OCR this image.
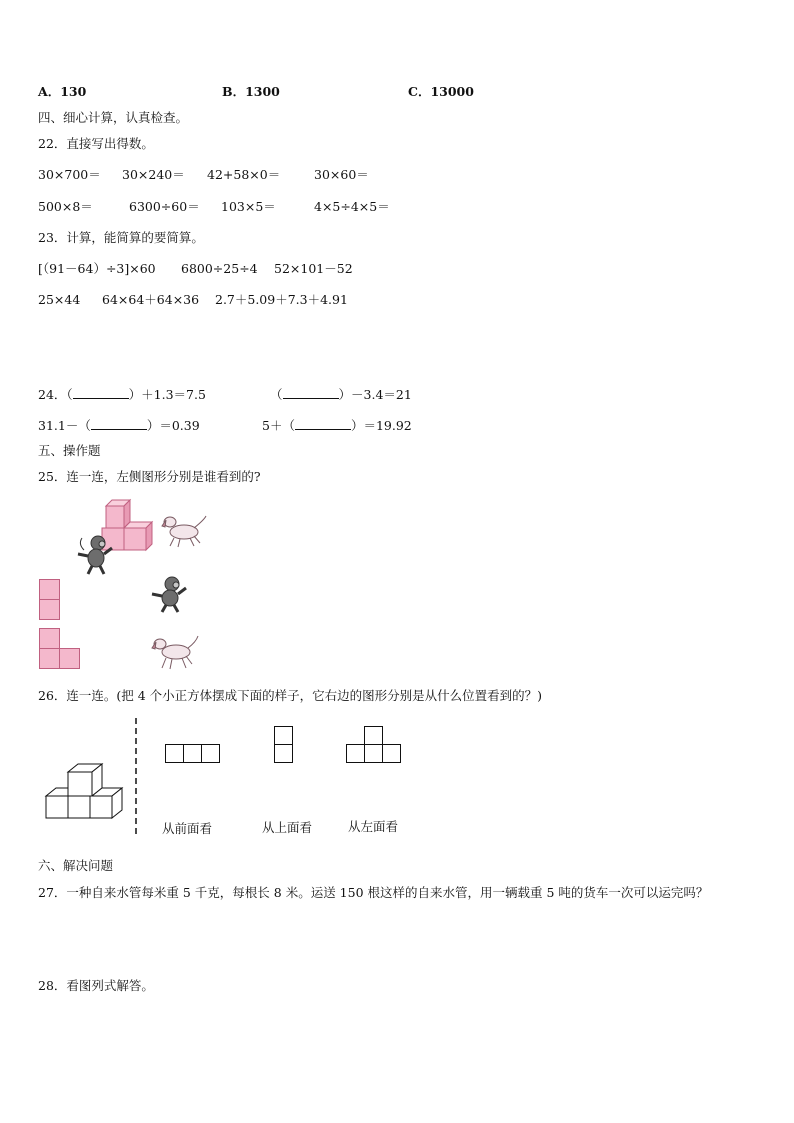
A．130	B．1300	C．13000
四、细心计算，认真检查。
22．直接写出得数。
30×700＝ 30×240＝ 42+58×0＝	30×60＝
500×8＝	6300÷60＝ 103×5＝	4×5÷4×5＝
23．计算，能简算的要简算。
[（91－64）÷3]×60 6800÷25÷4 52×101－52
25×44 64×64＋64×36 2.7＋5.09＋7.3＋4.91
24．（	）＋1.3＝7.5	（	）－3.4＝21
31.1－（	）＝0.39	5＋（	）＝19.92
五、操作题
25．连一连，左侧图形分别是谁看到的?
26．连一连。(把 4 个小正方体摆成下面的样子，它右边的图形分别是从什么位置看到的？)
从前面看	从上面看	从左面看
六、解决问题
27．一种自来水管每米重 5 千克，每根长 8 米。运送 150 根这样的自来水管，用一辆载重 5 吨的货车一次可以运完吗？
28．看图列式解答。
